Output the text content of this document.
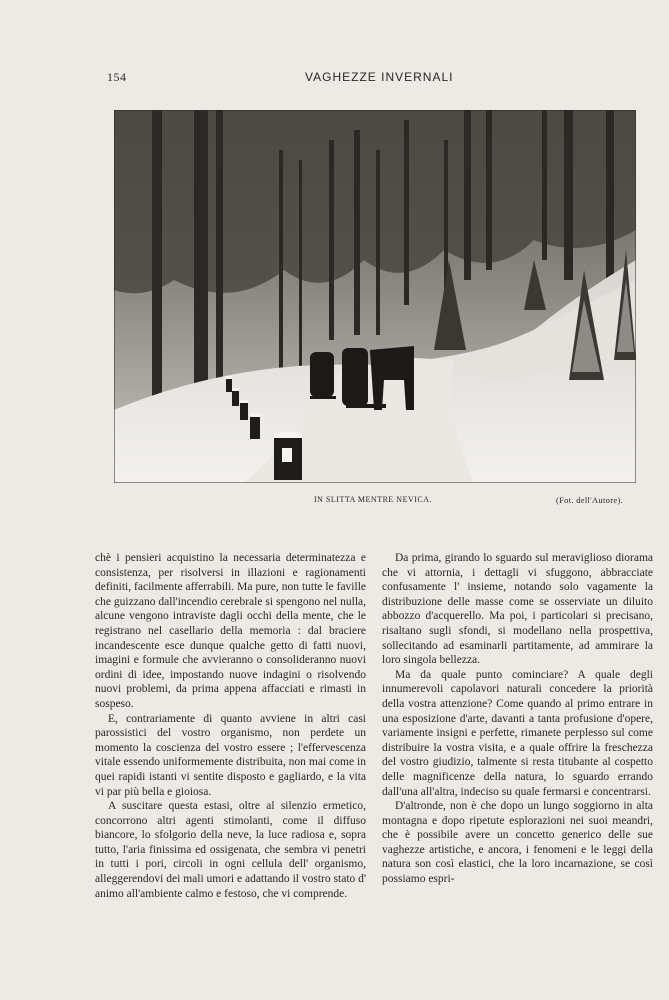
154	VAGHEZZE INVERNALI
IN SLITTA MENTRE NEVICA.	(Fot. dell'Autore).

chè i pensieri acquistino la necessaria determinatezza e consistenza, per risolversi in illazioni e ragionamenti definiti, facilmente afferrabili. Ma pure, non tutte le faville che guizzano dall'incendio cerebrale si spengono nel nulla, alcune vengono intraviste dagli occhi della mente, che le registrano nel casellario della memoria : dal braciere incandescente esce dunque qualche getto di fatti nuovi, imagini e formule che avvieranno o consolideranno nuovi ordini di idee, impostando nuove indagini o risolvendo nuovi problemi, da prima appena affacciati e rimasti in sospeso.

E, contrariamente di quanto avviene in altri casi parossistici del vostro organismo, non perdete un momento la coscienza del vostro essere ; l'effervescenza vitale essendo uniformemente distribuita, non mai come in quei rapidi istanti vi sentite disposto e gagliardo, e la vita vi par più bella e gioiosa.

A suscitare questa estasi, oltre al silenzio ermetico, concorrono altri agenti stimolanti, come il diffuso biancore, lo sfolgorio della neve, la luce radiosa e, sopra tutto, l'aria finissima ed ossigenata, che sembra vi penetri in tutti i pori, circoli in ogni cellula dell' organismo, alleggerendovi dei mali umori e adattando il vostro stato d' animo all'ambiente calmo e festoso, che vi comprende.

Da prima, girando lo sguardo sul meraviglioso diorama che vi attornia, i dettagli vi sfuggono, abbracciate confusamente l' insieme, notando solo vagamente la distribuzione delle masse come se osserviate un diluito abbozzo d'acquerello. Ma poi, i particolari si precisano, risaltano sugli sfondi, si modellano nella prospettiva, sollecitando ad esaminarli partitamente, ad ammirare la loro singola bellezza.

Ma da quale punto cominciare? A quale degli innumerevoli capolavori naturali concedere la priorità della vostra attenzione? Come quando al primo entrare in una esposizione d'arte, davanti a tanta profusione d'opere, variamente insigni e perfette, rimanete perplesso sul come distribuire la vostra visita, e a quale offrire la freschezza del vostro giudizio, talmente si resta titubante al cospetto delle magnificenze della natura, lo sguardo errando dall'una all'altra, indeciso su quale fermarsi e concentrarsi.

D'altronde, non è che dopo un lungo soggiorno in alta montagna e dopo ripetute esplorazioni nei suoi meandri, che è possibile avere un concetto generico delle sue vaghezze artistiche, e ancora, i fenomeni e le leggi della natura son così elastici, che la loro incarnazione, se così possiamo espri-
